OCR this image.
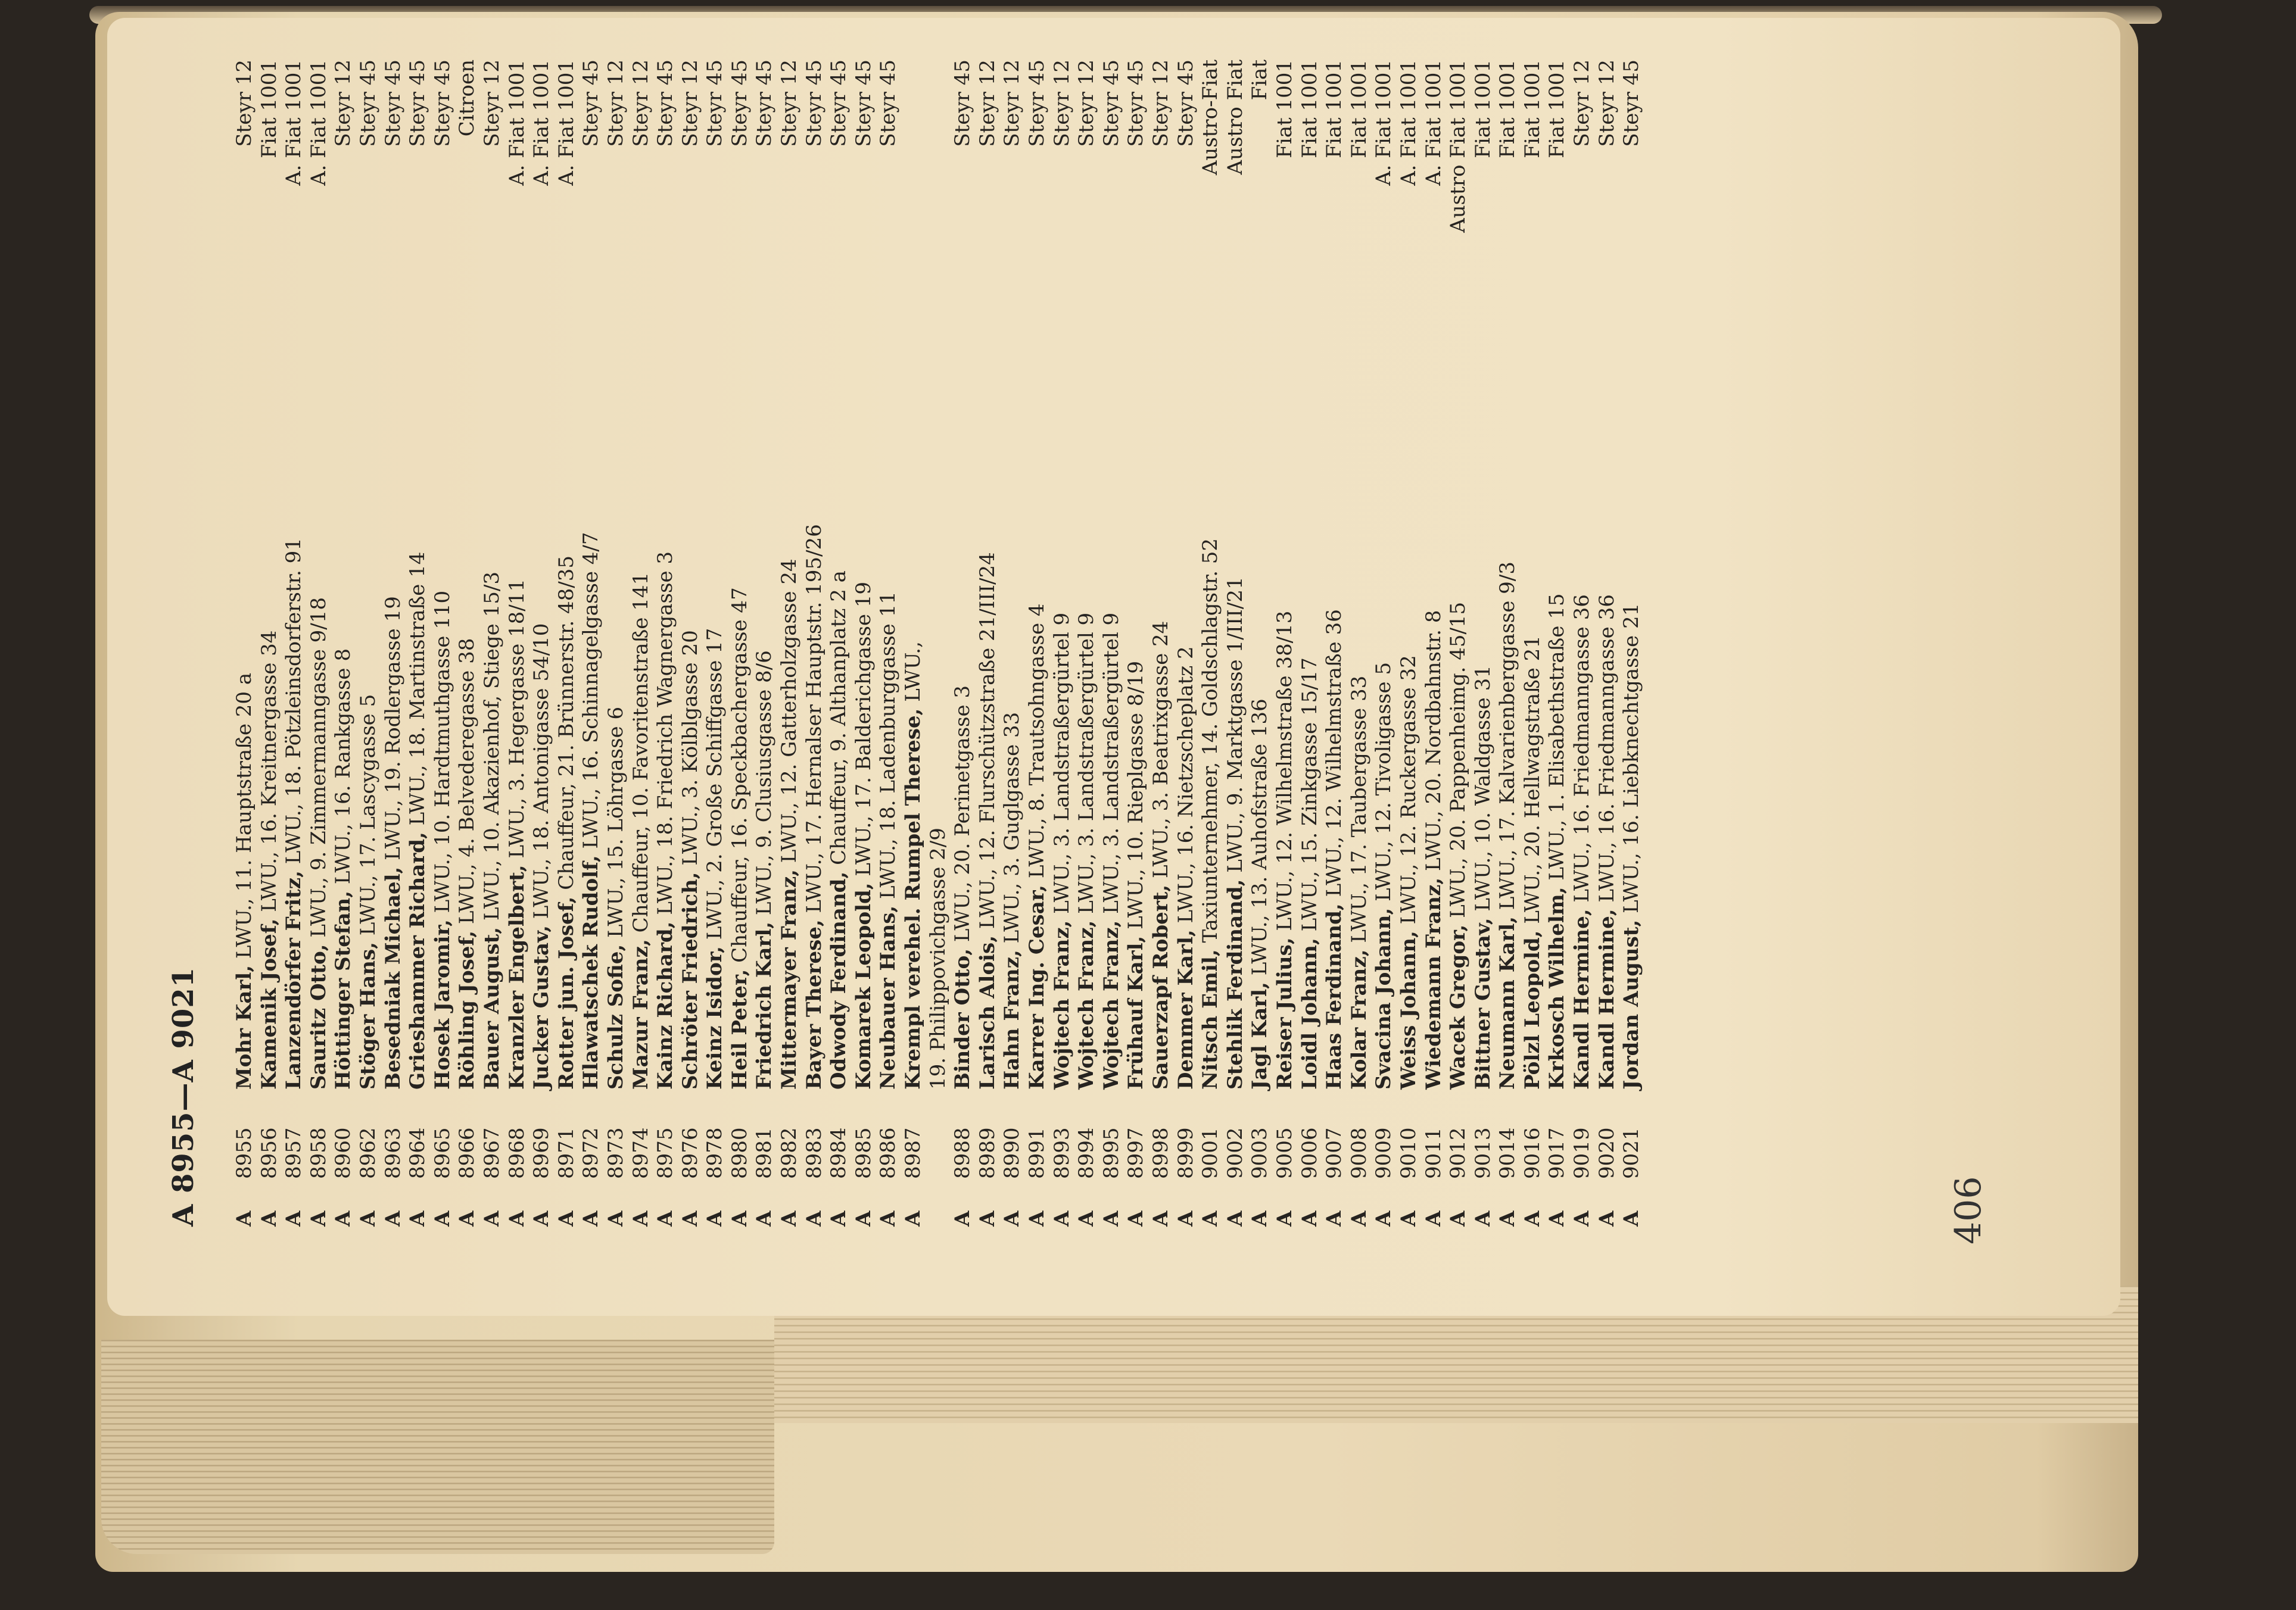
A 8955—A 9021 A
8955
Mohr Karl, LWU., 11. Hauptstraße 20 a
Steyr 12
A
8956
Kamenik Josef, LWU., 16. Kreitnergasse 34
Fiat 1001
A
8957
Lanzendörfer Fritz, LWU., 18. Pötzleinsdorferstr. 91
A. Fiat 1001
A
8958
Sauritz Otto, LWU., 9. Zimmermanngasse 9/18
A. Fiat 1001
A
8960
Höttinger Stefan, LWU., 16. Rankgasse 8
Steyr 12
A
8962
Stöger Hans, LWU., 17. Lascygasse 5
Steyr 45
A
8963
Besedniak Michael, LWU., 19. Rodlergasse 19
Steyr 45
A
8964
Grieshammer Richard, LWU., 18. Martinstraße 14
Steyr 45
A
8965
Hosek Jaromir, LWU., 10. Hardtmuthgasse 110
Steyr 45
A
8966
Röhling Josef, LWU., 4. Belvederegasse 38
Citroen
A
8967
Bauer August, LWU., 10. Akazienhof, Stiege 15/3
Steyr 12
A
8968
Kranzler Engelbert, LWU., 3. Hegergasse 18/11
A. Fiat 1001
A
8969
Jucker Gustav, LWU., 18. Antonigasse 54/10
A. Fiat 1001
A
8971
Rotter jun. Josef, Chauffeur, 21. Brünnerstr. 48/35
A. Fiat 1001
A
8972
Hlawatschek Rudolf, LWU., 16. Schinnagelgasse 4/7
Steyr 45
A
8973
Schulz Sofie, LWU., 15. Löhrgasse 6
Steyr 12
A
8974
Mazur Franz, Chauffeur, 10. Favoritenstraße 141
Steyr 12
A
8975
Kainz Richard, LWU., 18. Friedrich Wagnergasse 3
Steyr 45
A
8976
Schröter Friedrich, LWU., 3. Kölblgasse 20
Steyr 12
A
8978
Keinz Isidor, LWU., 2. Große Schiffgasse 17
Steyr 45
A
8980
Heil Peter, Chauffeur, 16. Speckbachergasse 47
Steyr 45
A
8981
Friedrich Karl, LWU., 9. Clusiusgasse 8/6
Steyr 45
A
8982
Mittermayer Franz, LWU., 12. Gatterholzgasse 24
Steyr 12
A
8983
Bayer Therese, LWU., 17. Hernalser Hauptstr. 195/26
Steyr 45
A
8984
Odwody Ferdinand, Chauffeur, 9. Althanplatz 2 a
Steyr 45
A
8985
Komarek Leopold, LWU., 17. Balderichgasse 19
Steyr 45
A
8986
Neubauer Hans, LWU., 18. Ladenburggasse 11
Steyr 45
A
8987
Krempl verehel. Rumpel Therese, LWU.,
19. Philippovichgasse 2/9
A
8988
Binder Otto, LWU., 20. Perinetgasse 3
Steyr 45
A
8989
Larisch Alois, LWU., 12. Flurschützstraße 21/III/24
Steyr 12
A
8990
Hahn Franz, LWU., 3. Guglgasse 33
Steyr 12
A
8991
Karrer Ing. Cesar, LWU., 8. Trautsohngasse 4
Steyr 45
A
8993
Wojtech Franz, LWU., 3. Landstraßergürtel 9
Steyr 12
A
8994
Wojtech Franz, LWU., 3. Landstraßergürtel 9
Steyr 12
A
8995
Wojtech Franz, LWU., 3. Landstraßergürtel 9
Steyr 45
A
8997
Frühauf Karl, LWU., 10. Rieplgasse 8/19
Steyr 45
A
8998
Sauerzapf Robert, LWU., 3. Beatrixgasse 24
Steyr 12
A
8999
Demmer Karl, LWU., 16. Nietzscheplatz 2
Steyr 45
A
9001
Nitsch Emil, Taxiunternehmer, 14. Goldschlagstr. 52
Austro-Fiat
A
9002
Stehlik Ferdinand, LWU., 9. Marktgasse 1/III/21
Austro Fiat
A
9003
Jagl Karl, LWU., 13. Auhofstraße 136
Fiat
A
9005
Reiser Julius, LWU., 12. Wilhelmstraße 38/13
Fiat 1001
A
9006
Loidl Johann, LWU., 15. Zinkgasse 15/17
Fiat 1001
A
9007
Haas Ferdinand, LWU., 12. Wilhelmstraße 36
Fiat 1001
A
9008
Kolar Franz, LWU., 17. Taubergasse 33
Fiat 1001
A
9009
Svacina Johann, LWU., 12. Tivoligasse 5
A. Fiat 1001
A
9010
Weiss Johann, LWU., 12. Ruckergasse 32
A. Fiat 1001
A
9011
Wiedemann Franz, LWU., 20. Nordbahnstr. 8
A. Fiat 1001
A
9012
Wacek Gregor, LWU., 20. Pappenheimg. 45/15
Austro Fiat 1001
A
9013
Bittner Gustav, LWU., 10. Waldgasse 31
Fiat 1001
A
9014
Neumann Karl, LWU., 17. Kalvarienberggasse 9/3
Fiat 1001
A
9016
Pölzl Leopold, LWU., 20. Hellwagstraße 21
Fiat 1001
A
9017
Krkosch Wilhelm, LWU., 1. Elisabethstraße 15
Fiat 1001
A
9019
Kandl Hermine, LWU., 16. Friedmanngasse 36
Steyr 12
A
9020
Kandl Hermine, LWU., 16. Friedmanngasse 36
Steyr 12
A
9021
Jordan August, LWU., 16. Liebknechtgasse 21
Steyr 45
406
